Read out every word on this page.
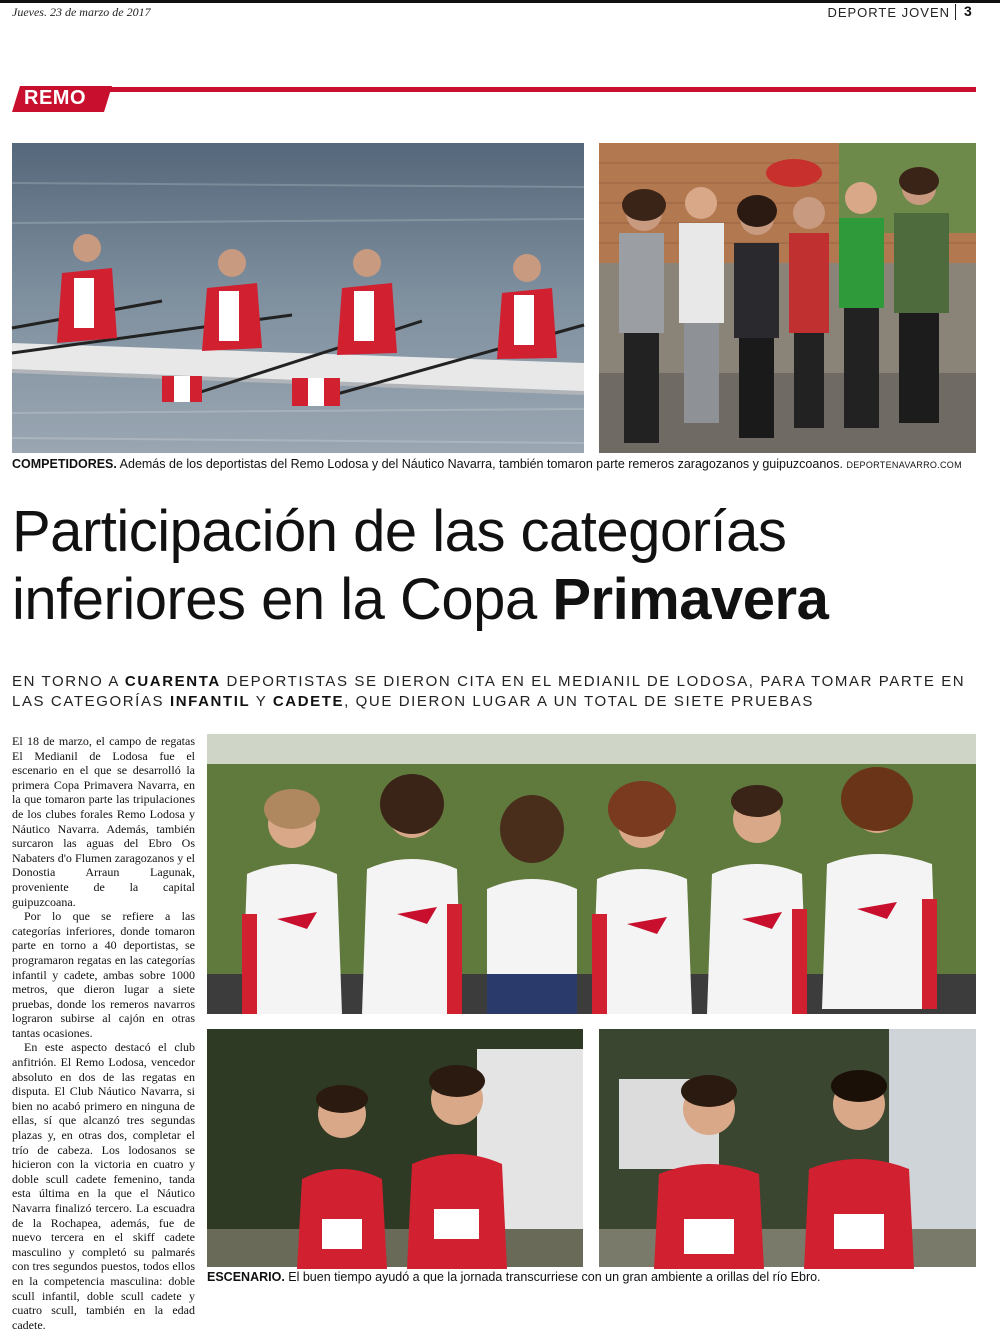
Jueves. 23 de marzo de 2017	DEPORTE JOVEN 3
REMO
COMPETIDORES. Además de los deportistas del Remo Lodosa y del Náutico Navarra, también tomaron parte remeros zaragozanos y guipuzcoanos. DEPORTENAVARRO.COM
Participación de las categorías
inferiores en la Copa Primavera
EN TORNO A CUARENTA DEPORTISTAS SE DIERON CITA EN EL MEDIANIL DE LODOSA, PARA TOMAR PARTE EN LAS CATEGORÍAS INFANTIL Y CADETE, QUE DIERON LUGAR A UN TOTAL DE SIETE PRUEBAS

El 18 de marzo, el campo de regatas El Medianil de Lodosa fue el escenario en el que se desarrolló la primera Copa Primavera Navarra, en la que tomaron parte las tripulaciones de los clubes forales Remo Lodosa y Náutico Navarra. Además, también surcaron las aguas del Ebro Os Nabaters d'o Flumen zaragozanos y el Donostia Arraun Lagunak, proveniente de la capital guipuzcoana.

Por lo que se refiere a las categorías inferiores, donde tomaron parte en torno a 40 deportistas, se programaron regatas en las categorías infantil y cadete, ambas sobre 1000 metros, que dieron lugar a siete pruebas, donde los remeros navarros lograron subirse al cajón en otras tantas ocasiones.

En este aspecto destacó el club anfitrión. El Remo Lodosa, vencedor absoluto en dos de las regatas en disputa. El Club Náutico Navarra, si bien no acabó primero en ninguna de ellas, sí que alcanzó tres segundas plazas y, en otras dos, completar el trío de cabeza. Los lodosanos se hicieron con la victoria en cuatro y doble scull cadete femenino, tanda esta última en la que el Náutico Navarra finalizó tercero. La escuadra de la Rochapea, además, fue de nuevo tercera en el skiff cadete masculino y completó su palmarés con tres segundos puestos, todos ellos en la competencia masculina: doble scull infantil, doble scull cadete y cuatro scull, también en la edad cadete.

ESCENARIO. El buen tiempo ayudó a que la jornada transcurriese con un gran ambiente a orillas del río Ebro.
